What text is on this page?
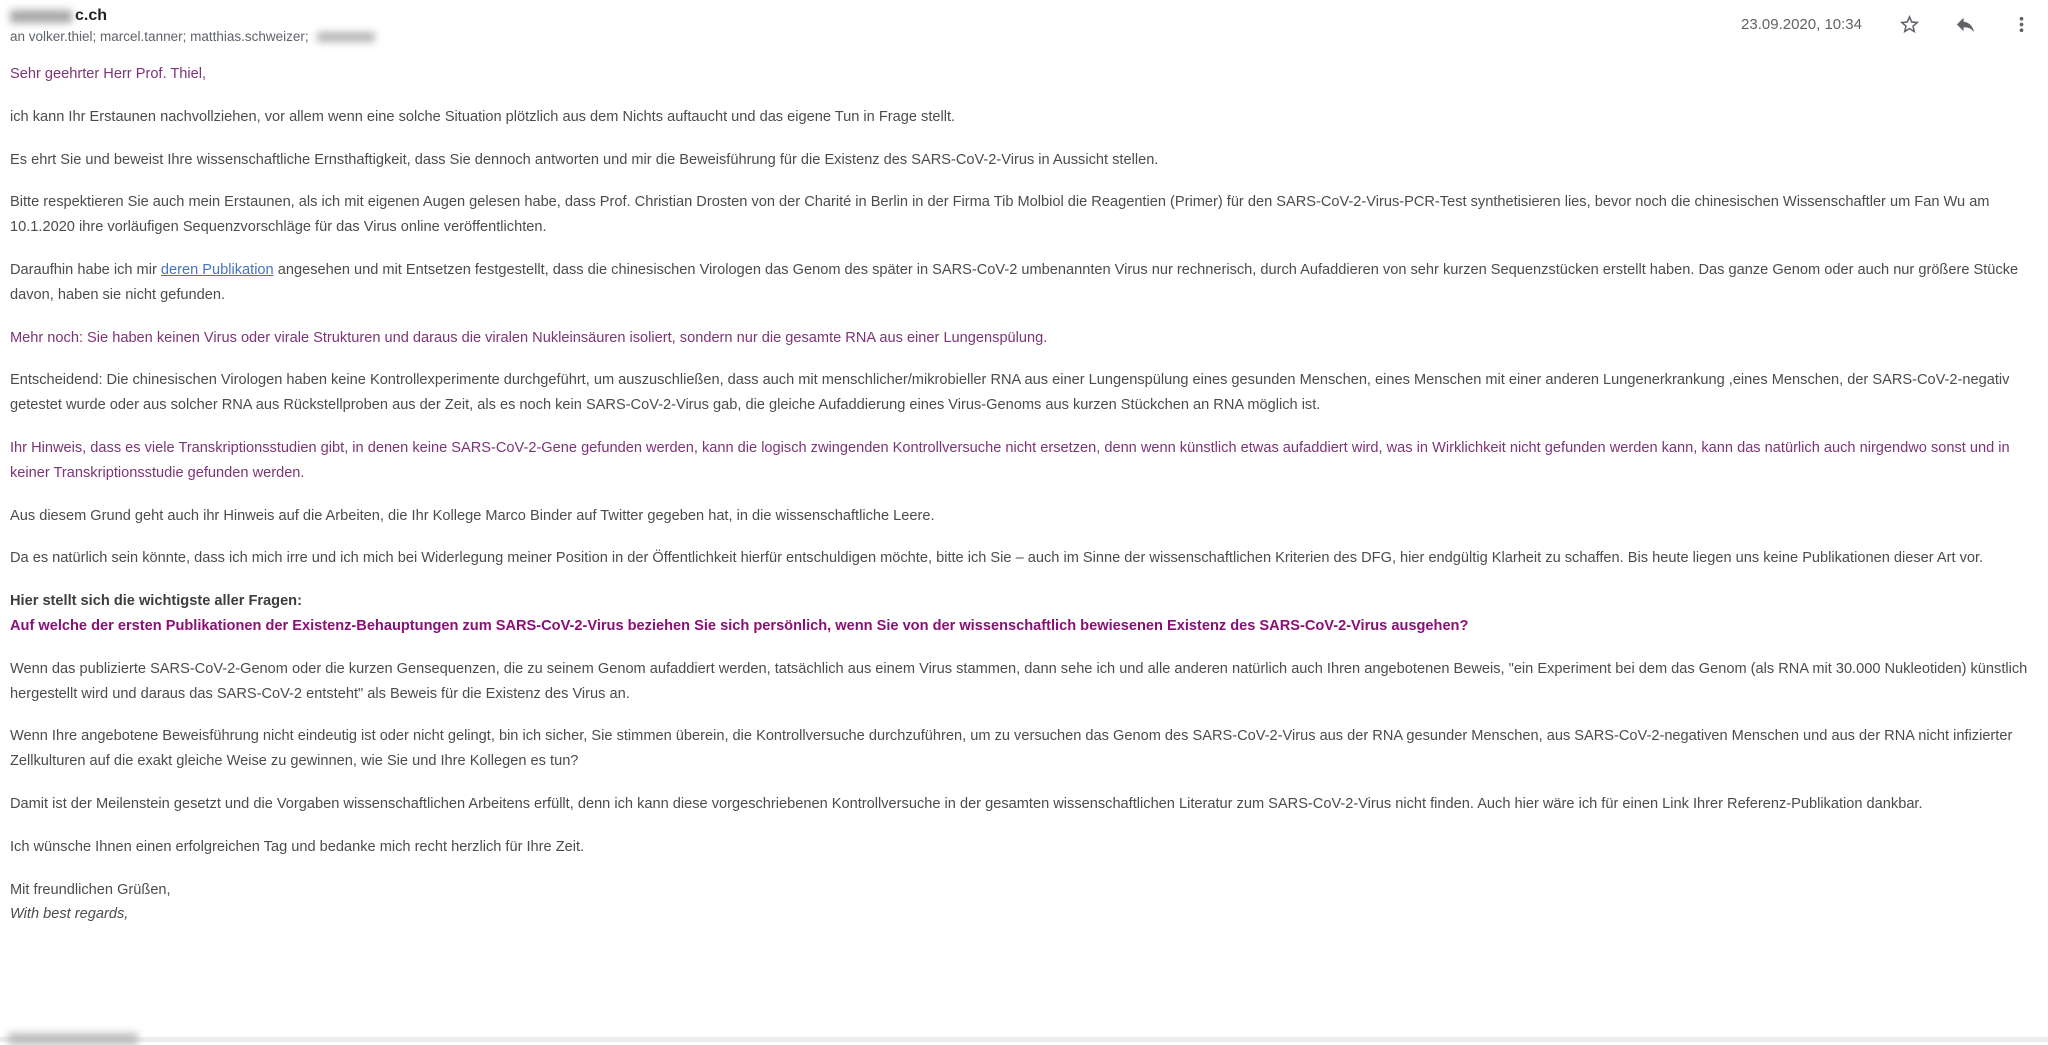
c.ch
an volker.thiel; marcel.tanner; matthias.schweizer;
23.09.2020, 10:34

Sehr geehrter Herr Prof. Thiel,

ich kann Ihr Erstaunen nachvollziehen, vor allem wenn eine solche Situation plötzlich aus dem Nichts auftaucht und das eigene Tun in Frage stellt.

Es ehrt Sie und beweist Ihre wissenschaftliche Ernsthaftigkeit, dass Sie dennoch antworten und mir die Beweisführung für die Existenz des SARS-CoV-2-Virus in Aussicht stellen.

Bitte respektieren Sie auch mein Erstaunen, als ich mit eigenen Augen gelesen habe, dass Prof. Christian Drosten von der Charité in Berlin in der Firma Tib Molbiol die Reagentien (Primer) für den SARS-CoV-2-Virus-PCR-Test synthetisieren lies, bevor noch die chinesischen Wissenschaftler um Fan Wu am 10.1.2020 ihre vorläufigen Sequenzvorschläge für das Virus online veröffentlichten.

Daraufhin habe ich mir deren Publikation angesehen und mit Entsetzen festgestellt, dass die chinesischen Virologen das Genom des später in SARS-CoV-2 umbenannten Virus nur rechnerisch, durch Aufaddieren von sehr kurzen Sequenzstücken erstellt haben. Das ganze Genom oder auch nur größere Stücke davon, haben sie nicht gefunden.

Mehr noch: Sie haben keinen Virus oder virale Strukturen und daraus die viralen Nukleinsäuren isoliert, sondern nur die gesamte RNA aus einer Lungenspülung.

Entscheidend: Die chinesischen Virologen haben keine Kontrollexperimente durchgeführt, um auszuschließen, dass auch mit menschlicher/mikrobieller RNA aus einer Lungenspülung eines gesunden Menschen, eines Menschen mit einer anderen Lungenerkrankung ,eines Menschen, der SARS-CoV-2-negativ getestet wurde oder aus solcher RNA aus Rückstellproben aus der Zeit, als es noch kein SARS-CoV-2-Virus gab, die gleiche Aufaddierung eines Virus-Genoms aus kurzen Stückchen an RNA möglich ist.

Ihr Hinweis, dass es viele Transkriptionsstudien gibt, in denen keine SARS-CoV-2-Gene gefunden werden, kann die logisch zwingenden Kontrollversuche nicht ersetzen, denn wenn künstlich etwas aufaddiert wird, was in Wirklichkeit nicht gefunden werden kann, kann das natürlich auch nirgendwo sonst und in keiner Transkriptionsstudie gefunden werden.

Aus diesem Grund geht auch ihr Hinweis auf die Arbeiten, die Ihr Kollege Marco Binder auf Twitter gegeben hat, in die wissenschaftliche Leere.

Da es natürlich sein könnte, dass ich mich irre und ich mich bei Widerlegung meiner Position in der Öffentlichkeit hierfür entschuldigen möchte, bitte ich Sie – auch im Sinne der wissenschaftlichen Kriterien des DFG, hier endgültig Klarheit zu schaffen. Bis heute liegen uns keine Publikationen dieser Art vor.

Hier stellt sich die wichtigste aller Fragen:
Auf welche der ersten Publikationen der Existenz-Behauptungen zum SARS-CoV-2-Virus beziehen Sie sich persönlich, wenn Sie von der wissenschaftlich bewiesenen Existenz des SARS-CoV-2-Virus ausgehen?

Wenn das publizierte SARS-CoV-2-Genom oder die kurzen Gensequenzen, die zu seinem Genom aufaddiert werden, tatsächlich aus einem Virus stammen, dann sehe ich und alle anderen natürlich auch Ihren angebotenen Beweis, "ein Experiment bei dem das Genom (als RNA mit 30.000 Nukleotiden) künstlich hergestellt wird und daraus das SARS-CoV-2 entsteht" als Beweis für die Existenz des Virus an.

Wenn Ihre angebotene Beweisführung nicht eindeutig ist oder nicht gelingt, bin ich sicher, Sie stimmen überein, die Kontrollversuche durchzuführen, um zu versuchen das Genom des SARS-CoV-2-Virus aus der RNA gesunder Menschen, aus SARS-CoV-2-negativen Menschen und aus der RNA nicht infizierter Zellkulturen auf die exakt gleiche Weise zu gewinnen, wie Sie und Ihre Kollegen es tun?

Damit ist der Meilenstein gesetzt und die Vorgaben wissenschaftlichen Arbeitens erfüllt, denn ich kann diese vorgeschriebenen Kontrollversuche in der gesamten wissenschaftlichen Literatur zum SARS-CoV-2-Virus nicht finden. Auch hier wäre ich für einen Link Ihrer Referenz-Publikation dankbar.

Ich wünsche Ihnen einen erfolgreichen Tag und bedanke mich recht herzlich für Ihre Zeit.

Mit freundlichen Grüßen,
With best regards,
